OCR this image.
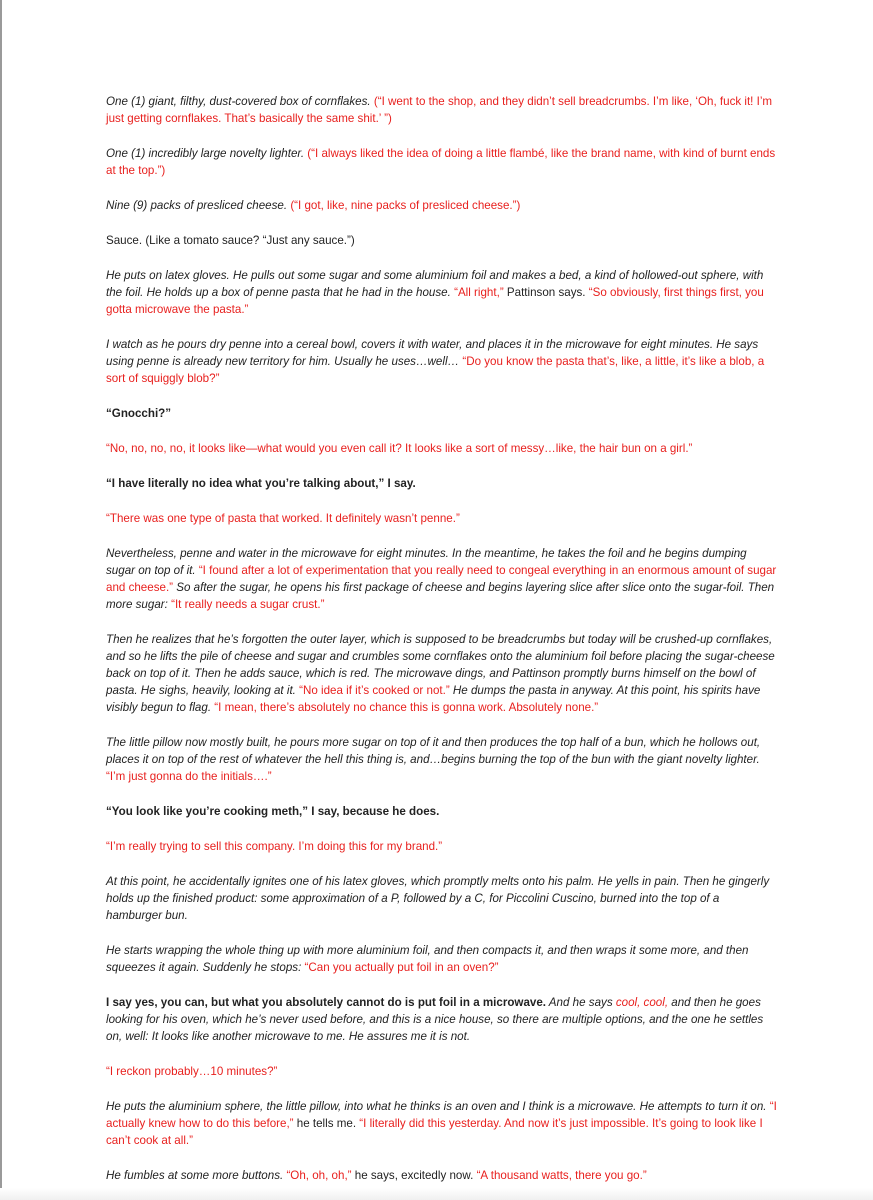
One (1) giant, filthy, dust-covered box of cornflakes. (“I went to the shop, and they didn’t sell breadcrumbs. I’m like, ‘Oh, fuck it! I’m just getting cornflakes. That’s basically the same shit.’ ”)

One (1) incredibly large novelty lighter. (“I always liked the idea of doing a little flambé, like the brand name, with kind of burnt ends at the top.”)

Nine (9) packs of presliced cheese. (“I got, like, nine packs of presliced cheese.”)

Sauce. (Like a tomato sauce? “Just any sauce.”)

He puts on latex gloves. He pulls out some sugar and some aluminium foil and makes a bed, a kind of hollowed-out sphere, with the foil. He holds up a box of penne pasta that he had in the house. “All right,” Pattinson says. “So obviously, first things first, you gotta microwave the pasta.”

I watch as he pours dry penne into a cereal bowl, covers it with water, and places it in the microwave for eight minutes. He says using penne is already new territory for him. Usually he uses…well… “Do you know the pasta that’s, like, a little, it’s like a blob, a sort of squiggly blob?”

“Gnocchi?”

“No, no, no, no, it looks like—what would you even call it? It looks like a sort of messy…like, the hair bun on a girl.”

“I have literally no idea what you’re talking about,” I say.

“There was one type of pasta that worked. It definitely wasn’t penne.”

Nevertheless, penne and water in the microwave for eight minutes. In the meantime, he takes the foil and he begins dumping sugar on top of it. “I found after a lot of experimentation that you really need to congeal everything in an enormous amount of sugar and cheese.” So after the sugar, he opens his first package of cheese and begins layering slice after slice onto the sugar-foil. Then more sugar: “It really needs a sugar crust.”

Then he realizes that he’s forgotten the outer layer, which is supposed to be breadcrumbs but today will be crushed-up cornflakes, and so he lifts the pile of cheese and sugar and crumbles some cornflakes onto the aluminium foil before placing the sugar-cheese back on top of it. Then he adds sauce, which is red. The microwave dings, and Pattinson promptly burns himself on the bowl of pasta. He sighs, heavily, looking at it. “No idea if it’s cooked or not.” He dumps the pasta in anyway. At this point, his spirits have visibly begun to flag. “I mean, there’s absolutely no chance this is gonna work. Absolutely none.”

The little pillow now mostly built, he pours more sugar on top of it and then produces the top half of a bun, which he hollows out, places it on top of the rest of whatever the hell this thing is, and…begins burning the top of the bun with the giant novelty lighter. “I’m just gonna do the initials….”

“You look like you’re cooking meth,” I say, because he does.

“I’m really trying to sell this company. I’m doing this for my brand.”

At this point, he accidentally ignites one of his latex gloves, which promptly melts onto his palm. He yells in pain. Then he gingerly holds up the finished product: some approximation of a P, followed by a C, for Piccolini Cuscino, burned into the top of a hamburger bun.

He starts wrapping the whole thing up with more aluminium foil, and then compacts it, and then wraps it some more, and then squeezes it again. Suddenly he stops: “Can you actually put foil in an oven?”

I say yes, you can, but what you absolutely cannot do is put foil in a microwave. And he says cool, cool, and then he goes looking for his oven, which he’s never used before, and this is a nice house, so there are multiple options, and the one he settles on, well: It looks like another microwave to me. He assures me it is not.

“I reckon probably…10 minutes?”

He puts the aluminium sphere, the little pillow, into what he thinks is an oven and I think is a microwave. He attempts to turn it on. “I actually knew how to do this before,” he tells me. “I literally did this yesterday. And now it’s just impossible. It’s going to look like I can’t cook at all.”

He fumbles at some more buttons. “Oh, oh, oh,” he says, excitedly now. “A thousand watts, there you go.”
